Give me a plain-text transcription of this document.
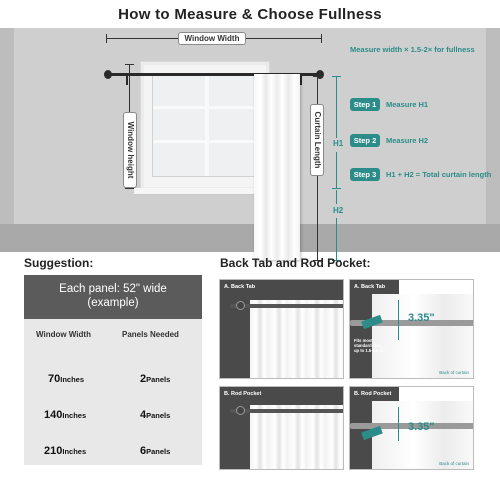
How to Measure & Choose Fullness
Window Width
Window height	Curtain Length H1
H2
Measure width × 1.5-2× for fullness
Step 1	Measure H1
Step 2	Measure H2
Step 3	H1 + H2 = Total curtain length
Suggestion:
Each panel: 52" wide
(example)
Window Width	Panels Needed
70Inches	2Panels
140Inches	4Panels
210Inches	6Panels
Back Tab and Rod Pocket:
A. Back Tab	A. Back Tab
3.35"
Fits most standard rods up to 1.5-1.6 in"
Back of curtain
B. Rod Pocket	B. Rod Pocket
3.35"
Back of curtain
